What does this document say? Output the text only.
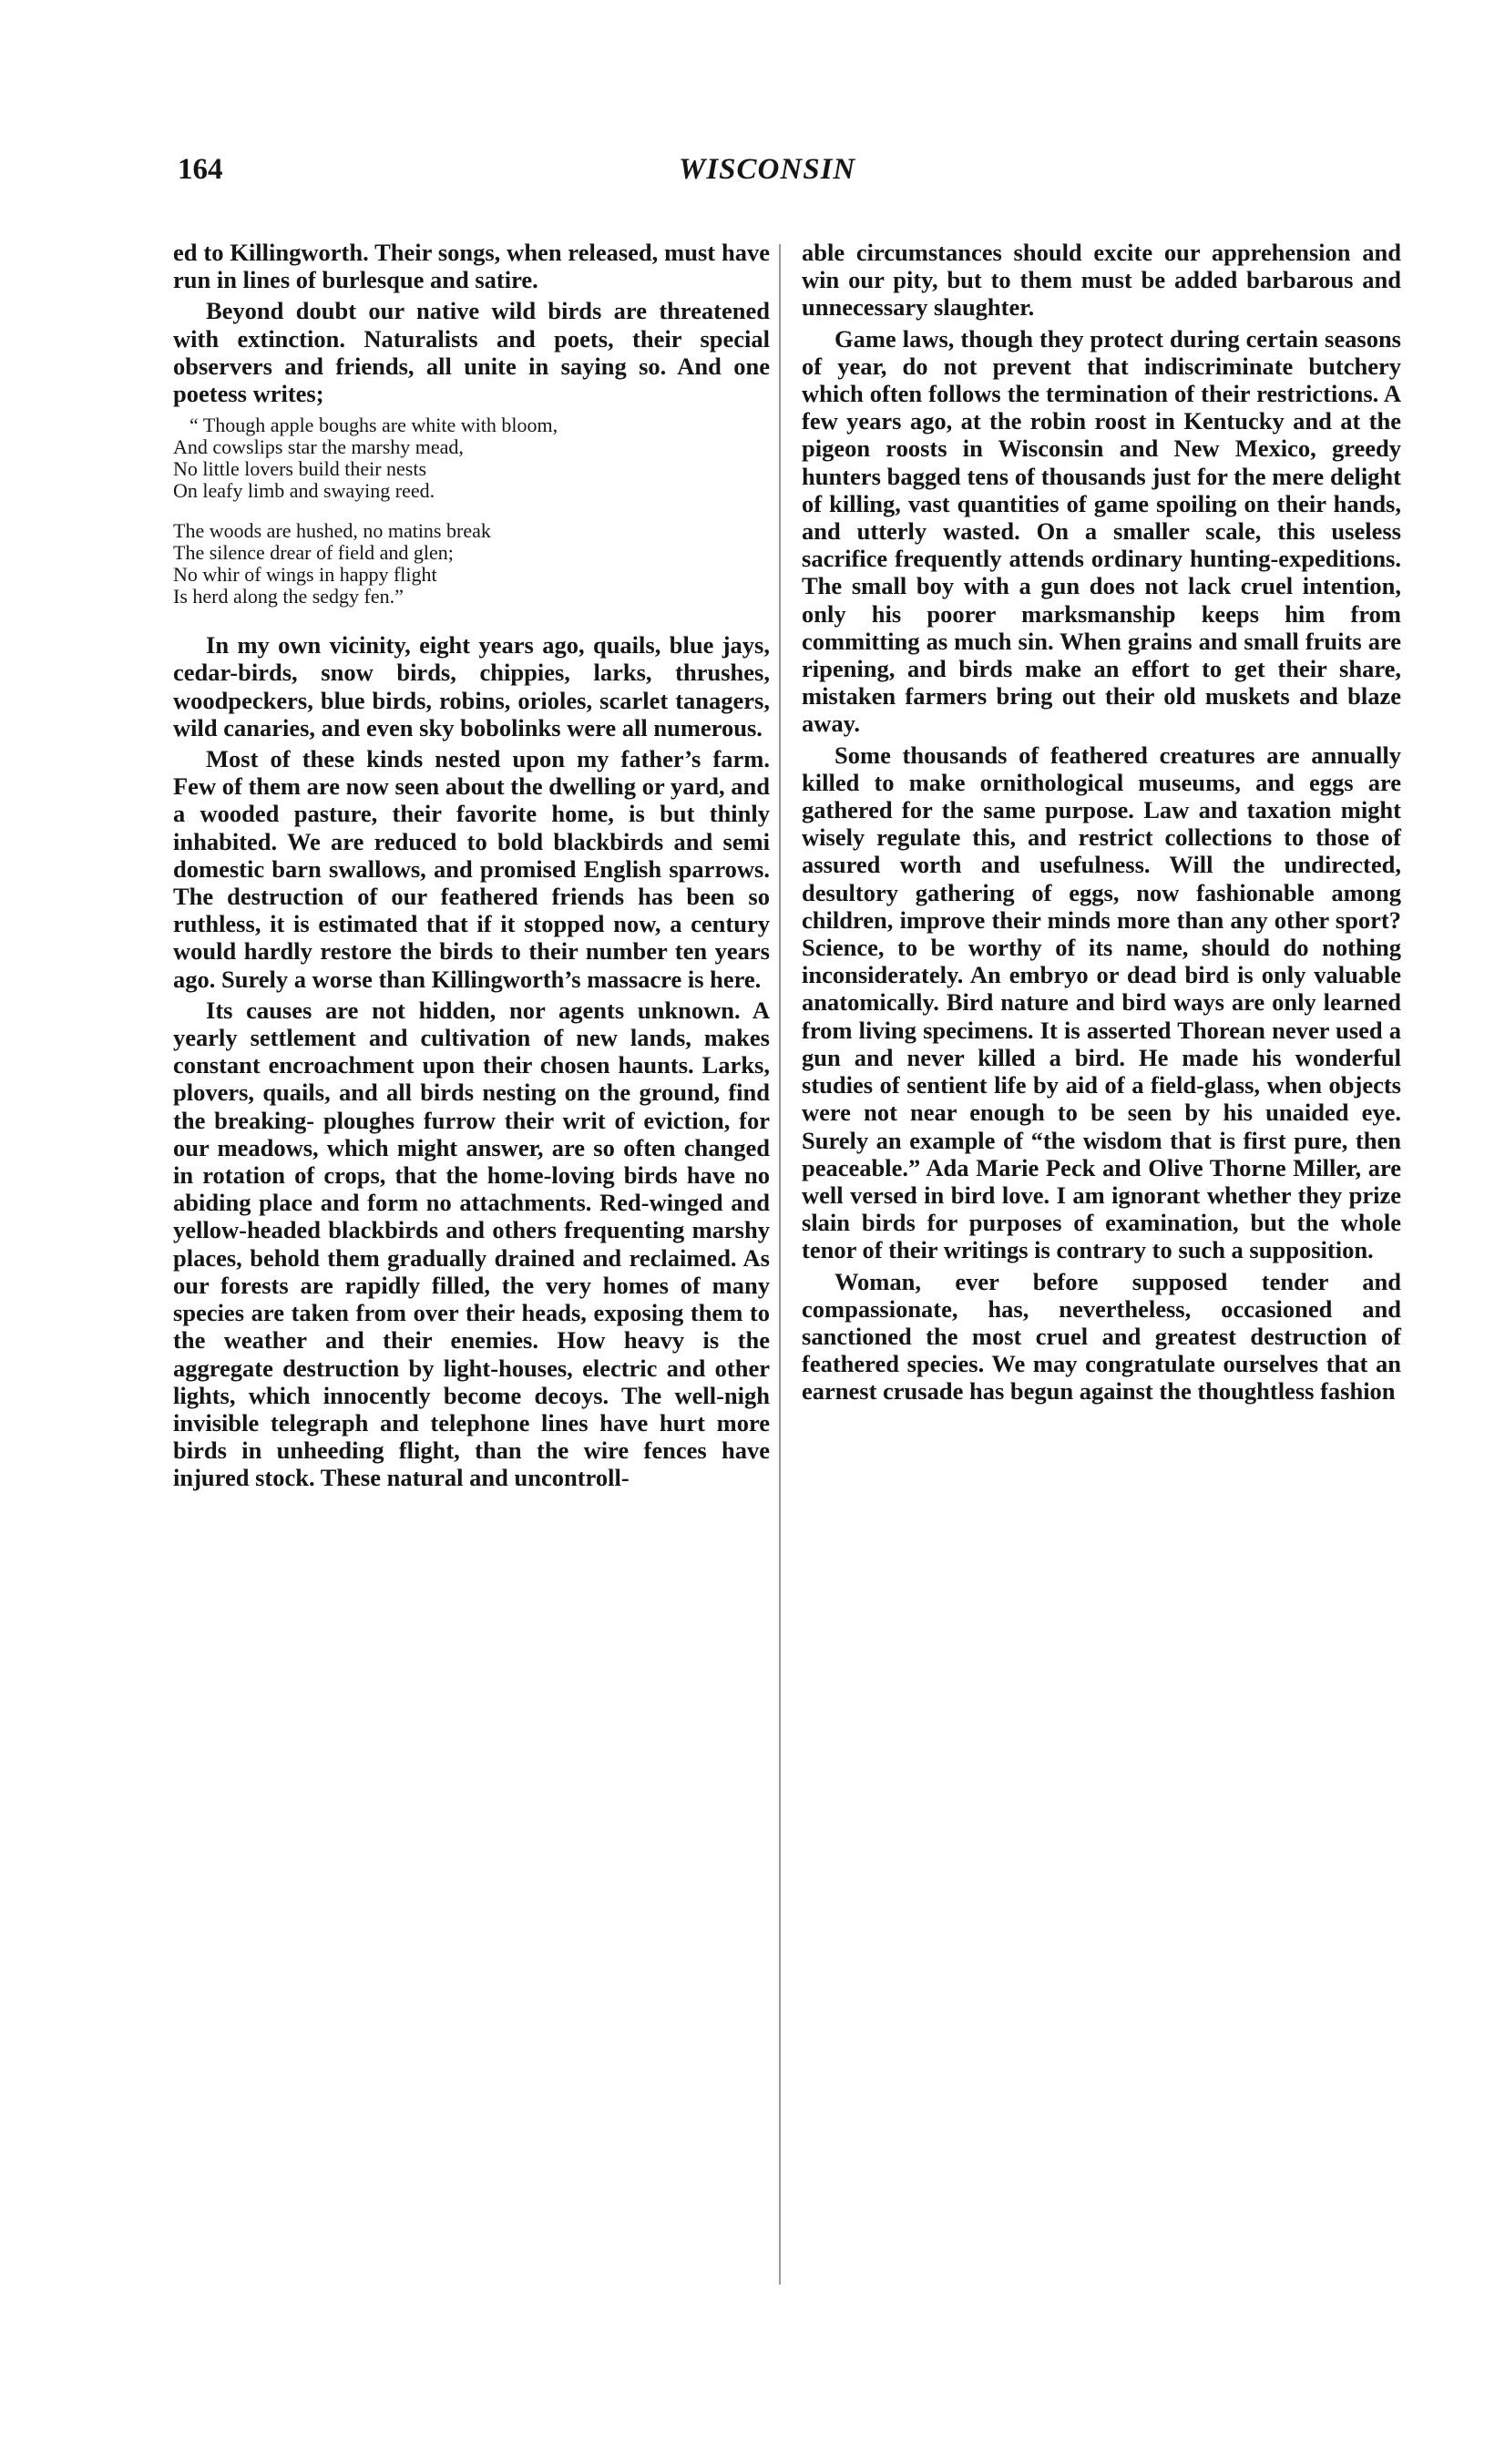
164	WISCONSIN

ed to Killingworth. Their songs, when released, must have run in lines of burlesque and satire.

Beyond doubt our native wild birds are threatened with extinction. Naturalists and poets, their special observers and friends, all unite in saying so. And one poetess writes;

“ Though apple boughs are white with bloom,
And cowslips star the marshy mead,
No little lovers build their nests
On leafy limb and swaying reed.
The woods are hushed, no matins break
The silence drear of field and glen;
No whir of wings in happy flight
Is herd along the sedgy fen.”

In my own vicinity, eight years ago, quails, blue jays, cedar-birds, snow birds, chippies, larks, thrushes, woodpeckers, blue birds, robins, orioles, scarlet tanagers, wild canaries, and even sky bobolinks were all numerous.

Most of these kinds nested upon my father’s farm. Few of them are now seen about the dwelling or yard, and a wooded pasture, their favorite home, is but thinly inhabited. We are reduced to bold blackbirds and semi domestic barn swallows, and promised English sparrows. The destruction of our feathered friends has been so ruthless, it is estimated that if it stopped now, a century would hardly restore the birds to their number ten years ago. Surely a worse than Killingworth’s massacre is here.

Its causes are not hidden, nor agents unknown. A yearly settlement and cultivation of new lands, makes constant encroachment upon their chosen haunts. Larks, plovers, quails, and all birds nesting on the ground, find the breaking- ploughes furrow their writ of eviction, for our meadows, which might answer, are so often changed in rotation of crops, that the home-loving birds have no abiding place and form no attachments. Red-winged and yellow-headed blackbirds and others frequenting marshy places, behold them gradually drained and reclaimed. As our forests are rapidly filled, the very homes of many species are taken from over their heads, exposing them to the weather and their enemies. How heavy is the aggregate destruction by light-houses, electric and other lights, which innocently become decoys. The well-nigh invisible telegraph and telephone lines have hurt more birds in unheeding flight, than the wire fences have injured stock. These natural and uncontroll-

able circumstances should excite our apprehension and win our pity, but to them must be added barbarous and unnecessary slaughter.

Game laws, though they protect during certain seasons of year, do not prevent that indiscriminate butchery which often follows the termination of their restrictions. A few years ago, at the robin roost in Kentucky and at the pigeon roosts in Wisconsin and New Mexico, greedy hunters bagged tens of thousands just for the mere delight of killing, vast quantities of game spoiling on their hands, and utterly wasted. On a smaller scale, this useless sacrifice frequently attends ordinary hunting-expeditions. The small boy with a gun does not lack cruel intention, only his poorer marksmanship keeps him from committing as much sin. When grains and small fruits are ripening, and birds make an effort to get their share, mistaken farmers bring out their old muskets and blaze away.

Some thousands of feathered creatures are annually killed to make ornithological museums, and eggs are gathered for the same purpose. Law and taxation might wisely regulate this, and restrict collections to those of assured worth and usefulness. Will the undirected, desultory gathering of eggs, now fashionable among children, improve their minds more than any other sport? Science, to be worthy of its name, should do nothing inconsiderately. An embryo or dead bird is only valuable anatomically. Bird nature and bird ways are only learned from living specimens. It is asserted Thorean never used a gun and never killed a bird. He made his wonderful studies of sentient life by aid of a field-glass, when objects were not near enough to be seen by his unaided eye. Surely an example of “the wisdom that is first pure, then peaceable.” Ada Marie Peck and Olive Thorne Miller, are well versed in bird love. I am ignorant whether they prize slain birds for purposes of examination, but the whole tenor of their writings is contrary to such a supposition.

Woman, ever before supposed tender and compassionate, has, nevertheless, occasioned and sanctioned the most cruel and greatest destruction of feathered species. We may congratulate ourselves that an earnest crusade has begun against the thoughtless fashion
